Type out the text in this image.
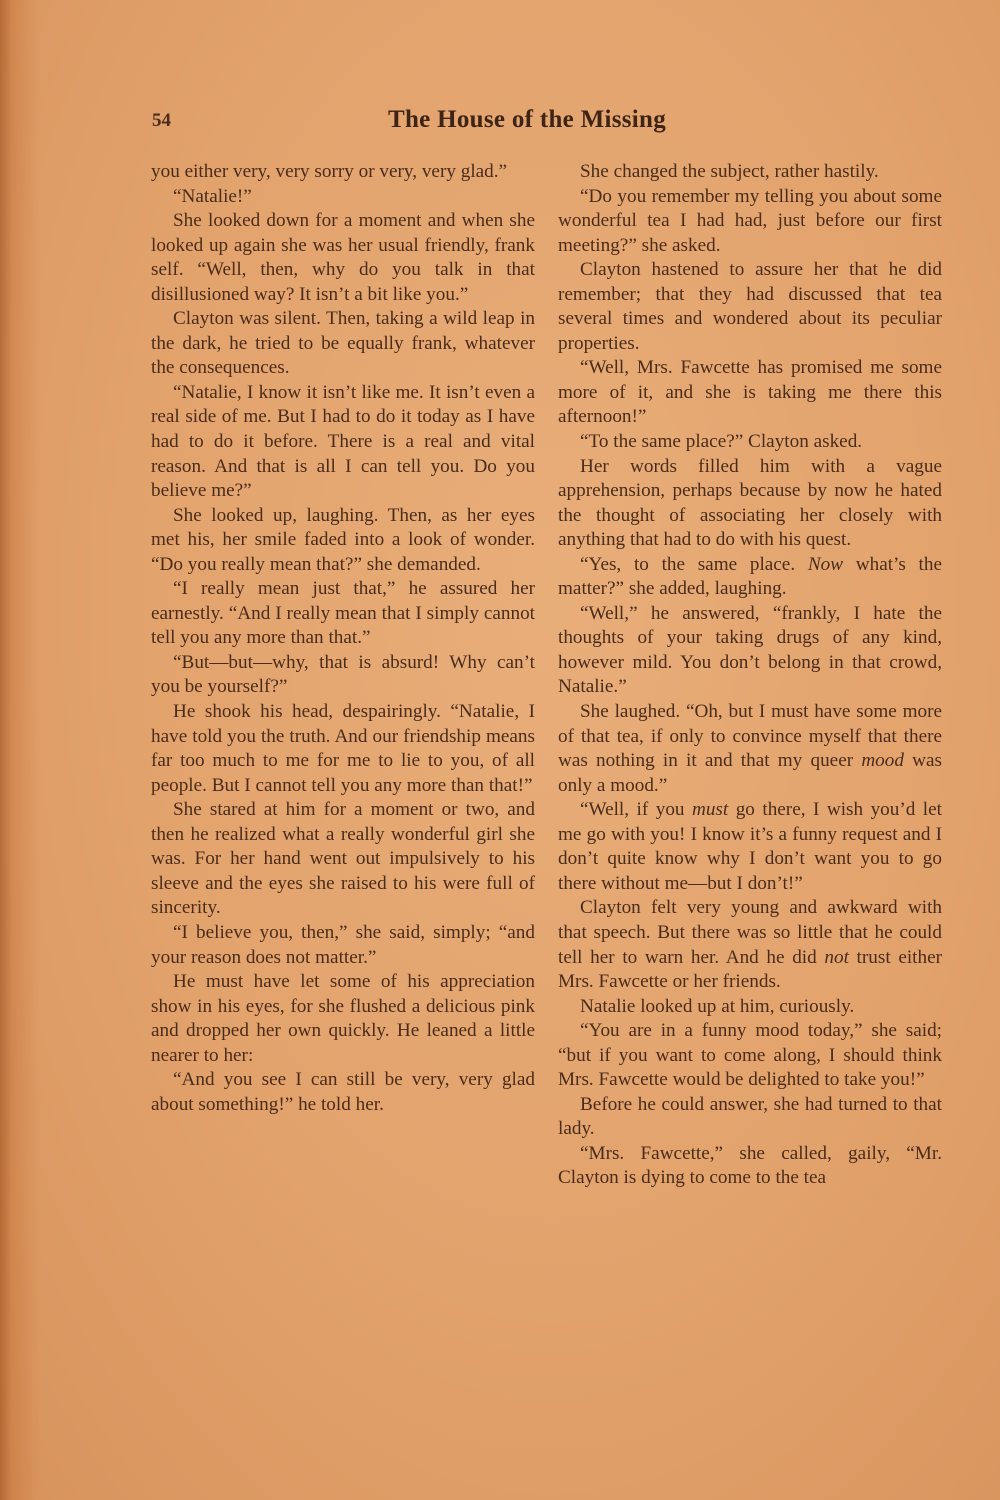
54	The House of the Missing

you either very, very sorry or very, very glad.”

“Natalie!”

She looked down for a moment and when she looked up again she was her usual friendly, frank self. “Well, then, why do you talk in that disillusioned way? It isn’t a bit like you.”

Clayton was silent. Then, taking a wild leap in the dark, he tried to be equally frank, whatever the consequences.

“Natalie, I know it isn’t like me. It isn’t even a real side of me. But I had to do it today as I have had to do it before. There is a real and vital reason. And that is all I can tell you. Do you believe me?”

She looked up, laughing. Then, as her eyes met his, her smile faded into a look of wonder. “Do you really mean that?” she demanded.

“I really mean just that,” he assured her earnestly. “And I really mean that I simply cannot tell you any more than that.”

“But—but—why, that is absurd! Why can’t you be yourself?”

He shook his head, despairingly. “Natalie, I have told you the truth. And our friendship means far too much to me for me to lie to you, of all people. But I cannot tell you any more than that!”

She stared at him for a moment or two, and then he realized what a really wonderful girl she was. For her hand went out impulsively to his sleeve and the eyes she raised to his were full of sincerity.

“I believe you, then,” she said, simply; “and your reason does not matter.”

He must have let some of his appreciation show in his eyes, for she flushed a delicious pink and dropped her own quickly. He leaned a little nearer to her:

“And you see I can still be very, very glad about something!” he told her.

She changed the subject, rather hastily.

“Do you remember my telling you about some wonderful tea I had had, just before our first meeting?” she asked.

Clayton hastened to assure her that he did remember; that they had discussed that tea several times and wondered about its peculiar properties.

“Well, Mrs. Fawcette has promised me some more of it, and she is taking me there this afternoon!”

“To the same place?” Clayton asked.

Her words filled him with a vague apprehension, perhaps because by now he hated the thought of associating her closely with anything that had to do with his quest.

“Yes, to the same place. Now what’s the matter?” she added, laughing.

“Well,” he answered, “frankly, I hate the thoughts of your taking drugs of any kind, however mild. You don’t belong in that crowd, Natalie.”

She laughed. “Oh, but I must have some more of that tea, if only to convince myself that there was nothing in it and that my queer mood was only a mood.”

“Well, if you must go there, I wish you’d let me go with you! I know it’s a funny request and I don’t quite know why I don’t want you to go there without me—but I don’t!”

Clayton felt very young and awkward with that speech. But there was so little that he could tell her to warn her. And he did not trust either Mrs. Fawcette or her friends.

Natalie looked up at him, curiously.

“You are in a funny mood today,” she said; “but if you want to come along, I should think Mrs. Fawcette would be delighted to take you!”

Before he could answer, she had turned to that lady.

“Mrs. Fawcette,” she called, gaily, “Mr. Clayton is dying to come to the tea
